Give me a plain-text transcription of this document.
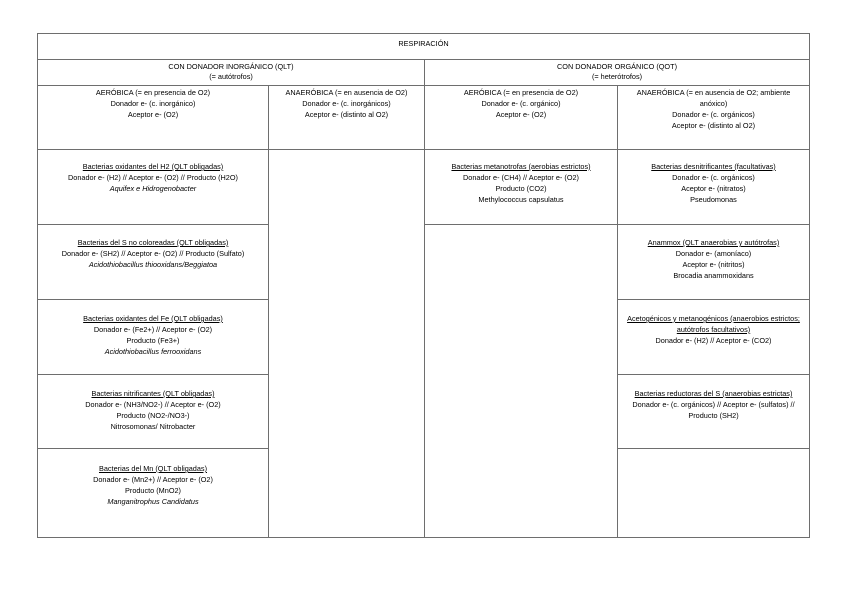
RESPIRACIÓN
CON DONADOR INORGÁNICO (QLT)
(= autótrofos)
CON DONADOR ORGÁNICO (QOT)
(= heterótrofos)
AERÓBICA (= en presencia de O2)
Donador e- (c. inorgánico)
Aceptor e- (O2)
ANAERÓBICA (= en ausencia de O2)
Donador e- (c. inorgánicos)
Aceptor e- (distinto al O2)
AERÓBICA (= en presencia de O2)
Donador e- (c. orgánico)
Aceptor e- (O2)
ANAERÓBICA (= en ausencia de O2; ambiente anóxico)
Donador e- (c. orgánicos)
Aceptor e- (distinto al O2)
Bacterias oxidantes del H2 (QLT obligadas)
Donador e- (H2) // Aceptor e- (O2) // Producto (H2O)
Aquifex e Hidrogenobacter
Bacterias del S no coloreadas (QLT obligadas)
Donador e- (SH2) // Aceptor e- (O2) // Producto (Sulfato)
Acidothiobacillus thiooxidans/Beggiatoa
Bacterias oxidantes del Fe (QLT obligadas)
Donador e- (Fe2+) // Aceptor e- (O2)
Producto (Fe3+)
Acidothiobacillus ferrooxidans
Bacterias nitrificantes (QLT obligadas)
Donador e- (NH3/NO2-) // Aceptor e- (O2)
Producto (NO2-/NO3-)
Nitrosomonas/ Nitrobacter
Bacterias del Mn (QLT obligadas)
Donador e- (Mn2+) // Aceptor e- (O2)
Producto (MnO2)
Manganitrophus Candidatus
Bacterias metanotrofas (aerobias estrictos)
Donador e- (CH4) // Aceptor e- (O2)
Producto (CO2)
Methylococcus capsulatus
Bacterias desnitrificantes (facultativas)
Donador e- (c. orgánicos)
Aceptor e- (nitratos)
Pseudomonas
Anammox (QLT anaerobias y autótrofas)
Donador e- (amoníaco)
Aceptor e- (nitritos)
Brocadia anammoxidans
Acetogénicos y metanogénicos (anaerobios estrictos; autótrofos facultativos)
Donador e- (H2) // Aceptor e- (CO2)
Bacterias reductoras del S (anaerobias estrictas)
Donador e- (c. orgánicos) // Aceptor e- (sulfatos) // Producto (SH2)
